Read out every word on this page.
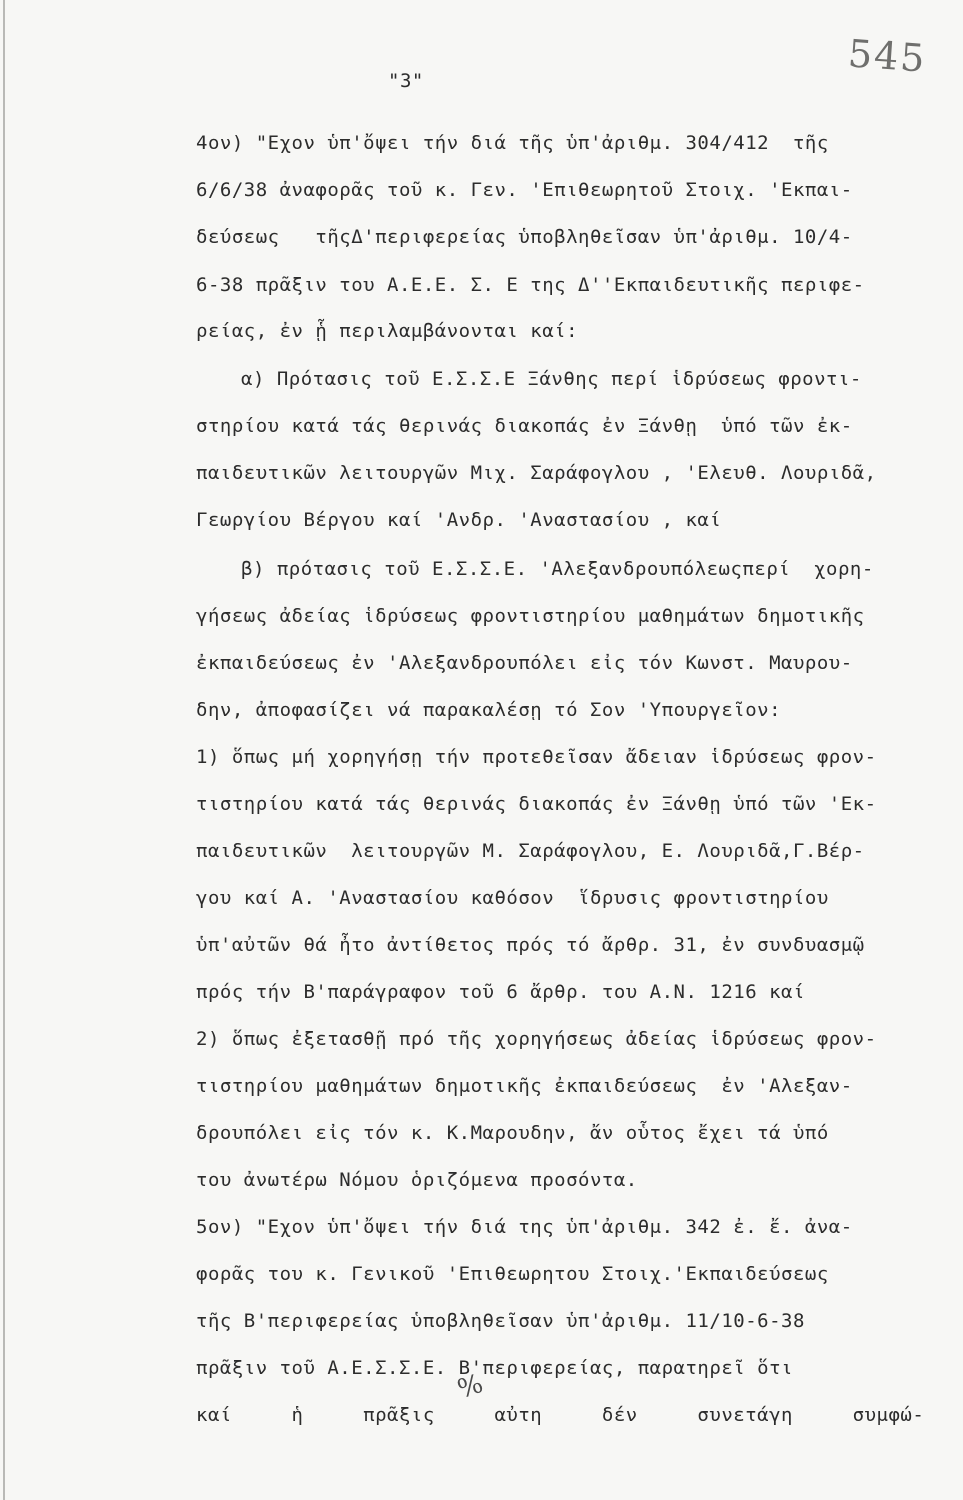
545
"3"
4ον) "Εχον ὑπ'ὄψει τήν διά τῆς ὑπ'ἀριθμ. 304/412  τῆς
6/6/38 ἀναφορᾶς τοῦ κ. Γεν. 'Επιθεωρητοῦ Στοιχ. 'Εκπαι-
δεύσεως   τῆςΔ'περιφερείας ὑποβληθεῖσαν ὑπ'ἀριθμ. 10/4-
6-38 πρᾶξιν του Α.Ε.Ε. Σ. Ε της Δ''Εκπαιδευτικῆς περιφε-
ρείας, ἐν ᾗ περιλαμβάνονται καί:
α) Πρότασις τοῦ Ε.Σ.Σ.Ε Ξάνθης περί ἱδρύσεως φροντι-
στηρίου κατά τάς θερινάς διακοπάς ἐν Ξάνθῃ  ὑπό τῶν ἐκ-
παιδευτικῶν λειτουργῶν Μιχ. Σαράφογλου , 'Ελευθ. Λουριδᾶ,
Γεωργίου Βέργου καί 'Ανδρ. 'Αναστασίου , καί
β) πρότασις τοῦ Ε.Σ.Σ.Ε. 'Αλεξανδρουπόλεωςπερί  χορη-
γήσεως ἀδείας ἱδρύσεως φροντιστηρίου μαθημάτων δημοτικῆς
ἐκπαιδεύσεως ἐν 'Αλεξανδρουπόλει εἰς τόν Κωνστ. Μαυρου-
δην, ἀποφασίζει νά παρακαλέσῃ τό Σον 'Υπουργεῖον:
1) ὅπως μή χορηγήσῃ τήν προτεθεῖσαν ἄδειαν ἱδρύσεως φρον-
τιστηρίου κατά τάς θερινάς διακοπάς ἐν Ξάνθῃ ὑπό τῶν 'Εκ-
παιδευτικῶν  λειτουργῶν Μ. Σαράφογλου, Ε. Λουριδᾶ,Γ.Βέρ-
γου καί Α. 'Αναστασίου καθόσον  ἵδρυσις φροντιστηρίου
ὑπ'αὐτῶν θά ἦτο ἀντίθετος πρός τό ἄρθρ. 31, ἐν συνδυασμῷ
πρός τήν Β'παράγραφον τοῦ 6 ἄρθρ. του Α.Ν. 1216 καί
2) ὅπως ἐξετασθῇ πρό τῆς χορηγήσεως ἀδείας ἱδρύσεως φρον-
τιστηρίου μαθημάτων δημοτικῆς ἐκπαιδεύσεως  ἐν 'Αλεξαν-
δρουπόλει εἰς τόν κ. Κ.Μαρουδην, ἄν οὗτος ἔχει τά ὑπό
του ἀνωτέρω Νόμου ὁριζόμενα προσόντα.
5ον) "Εχον ὑπ'ὄψει τήν διά της ὑπ'ἀριθμ. 342 ἐ. ἔ. ἀνα-
φορᾶς του κ. Γενικοῦ 'Επιθεωρητου Στοιχ.'Εκπαιδεύσεως
τῆς Β'περιφερείας ὑποβληθεῖσαν ὑπ'ἀριθμ. 11/10-6-38
πρᾶξιν τοῦ Α.Ε.Σ.Σ.Ε. Β'περιφερείας, παρατηρεῖ ὅτι
καί     ἡ     πρᾶξις     αὐτη     δέν     συνετάγη     συμφώ-
%
